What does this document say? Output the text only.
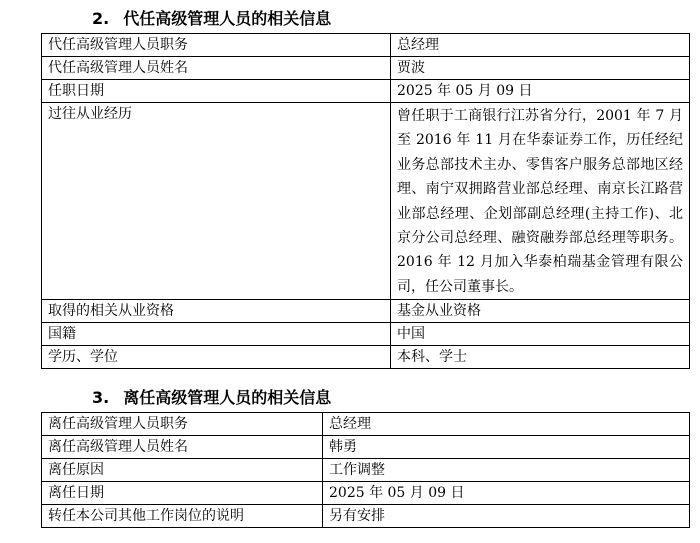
2. 代任高级管理人员的相关信息
代任高级管理人员职务	总经理
代任高级管理人员姓名	贾波
任职日期	2025 年 05 月 09 日
过往从业经历	曾任职于工商银行江苏省分行，2001 年 7 月至 2016 年 11 月在华泰证券工作，历任经纪业务总部技术主办、零售客户服务总部地区经理、南宁双拥路营业部总经理、南京长江路营业部总经理、企划部副总经理(主持工作)、北京分公司总经理、融资融券部总经理等职务。2016 年 12 月加入华泰柏瑞基金管理有限公司，任公司董事长。
取得的相关从业资格	基金从业资格
国籍	中国
学历、学位	本科、学士
3. 离任高级管理人员的相关信息
离任高级管理人员职务	总经理
离任高级管理人员姓名	韩勇
离任原因	工作调整
离任日期	2025 年 05 月 09 日
转任本公司其他工作岗位的说明	另有安排
